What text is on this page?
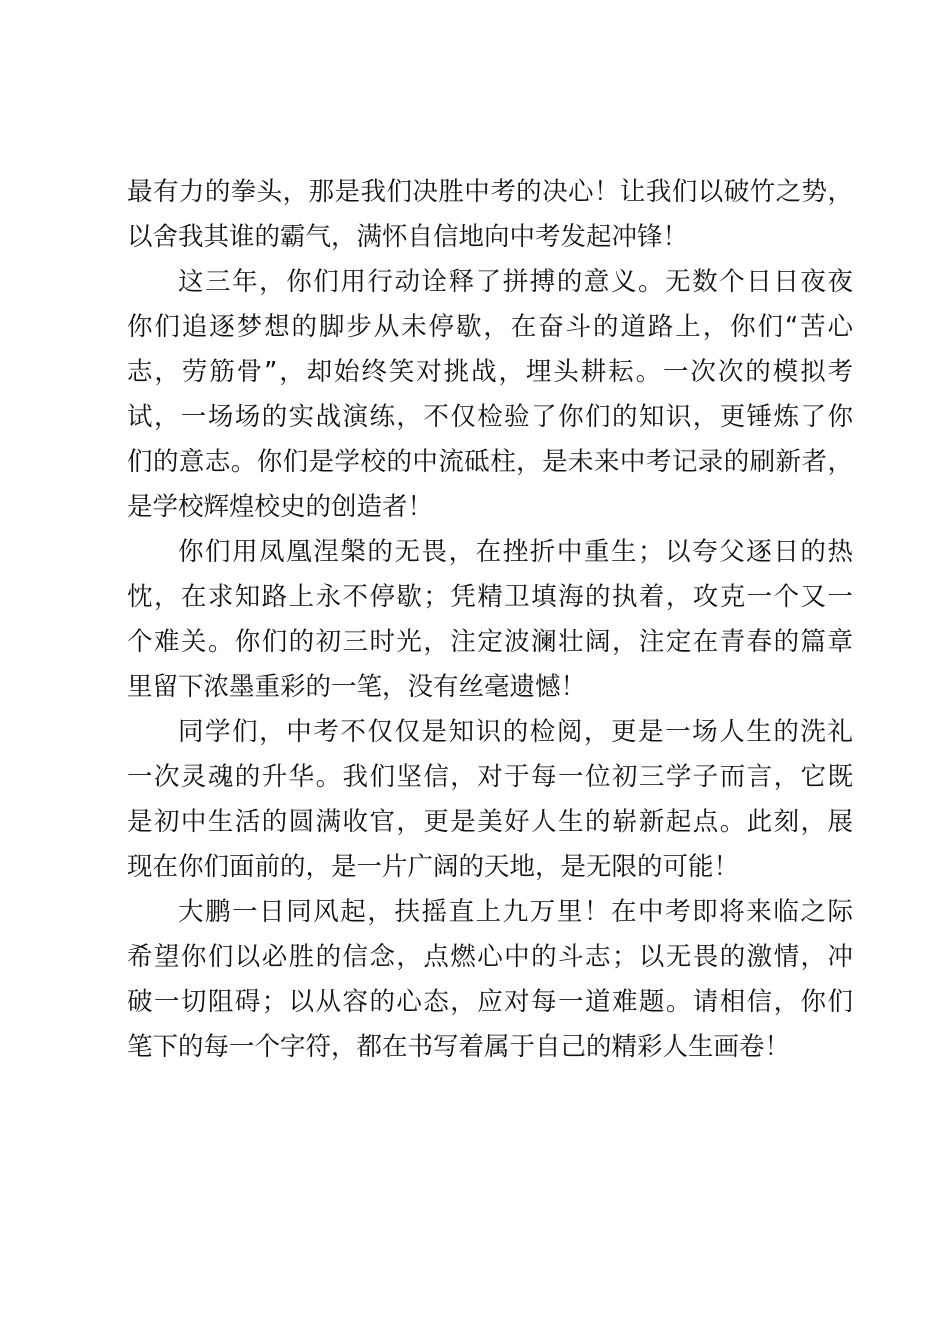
最有力的拳头，那是我们决胜中考的决心！让我们以破竹之势，
以舍我其谁的霸气，满怀自信地向中考发起冲锋！
这三年，你们用行动诠释了拼搏的意义。无数个日日夜夜
你们追逐梦想的脚步从未停歇，在奋斗的道路上，你们“苦心
志，劳筋骨”，却始终笑对挑战，埋头耕耘。一次次的模拟考
试，一场场的实战演练，不仅检验了你们的知识，更锤炼了你
们的意志。你们是学校的中流砥柱，是未来中考记录的刷新者，
是学校辉煌校史的创造者！
你们用凤凰涅槃的无畏，在挫折中重生；以夸父逐日的热
忱，在求知路上永不停歇；凭精卫填海的执着，攻克一个又一
个难关。你们的初三时光，注定波澜壮阔，注定在青春的篇章
里留下浓墨重彩的一笔，没有丝毫遗憾！
同学们，中考不仅仅是知识的检阅，更是一场人生的洗礼
一次灵魂的升华。我们坚信，对于每一位初三学子而言，它既
是初中生活的圆满收官，更是美好人生的崭新起点。此刻，展
现在你们面前的，是一片广阔的天地，是无限的可能！
大鹏一日同风起，扶摇直上九万里！在中考即将来临之际
希望你们以必胜的信念，点燃心中的斗志；以无畏的激情，冲
破一切阻碍；以从容的心态，应对每一道难题。请相信，你们
笔下的每一个字符，都在书写着属于自己的精彩人生画卷！
